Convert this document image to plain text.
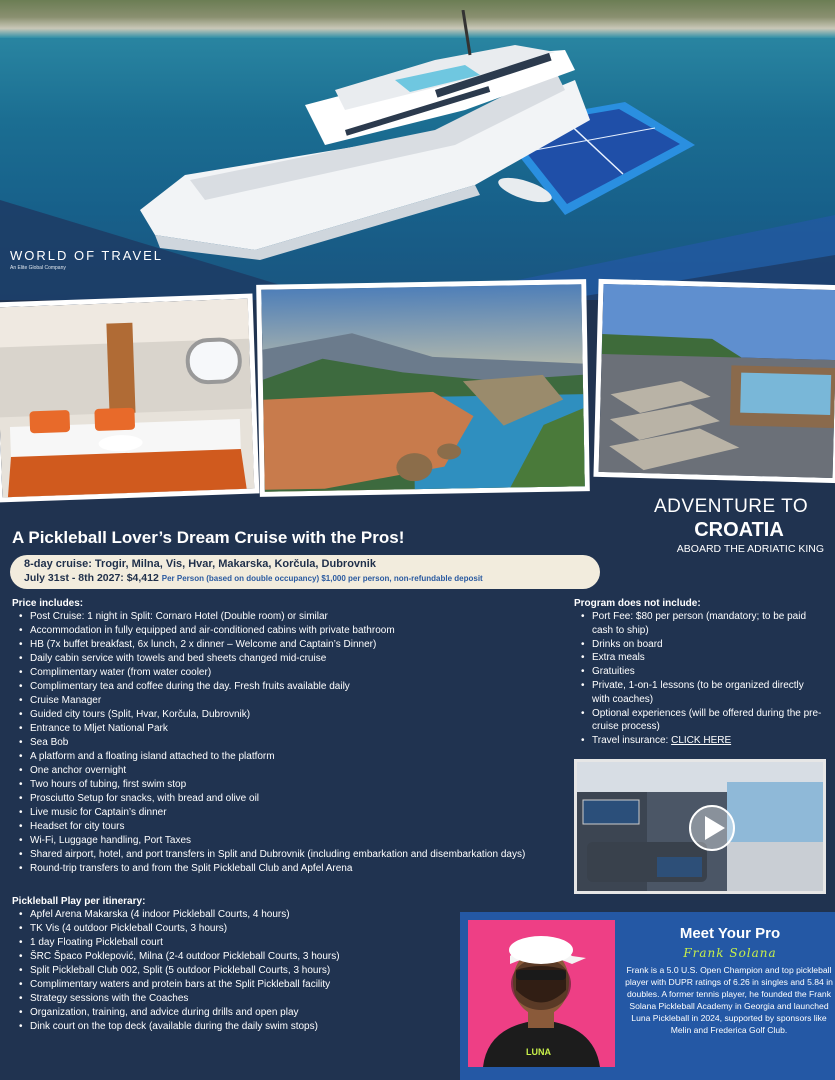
WORLD OF TRAVEL
An Elite Global Company
ADVENTURE TO
CROATIA
ABOARD THE ADRIATIC KING
A Pickleball Lover’s Dream Cruise with the Pros!
8-day cruise: Trogir, Milna, Vis, Hvar, Makarska, Korčula, Dubrovnik
July 31st - 8th 2027: $4,412 Per Person (based on double occupancy) $1,000 per person, non-refundable deposit
Price includes:
• Post Cruise: 1 night in Split: Cornaro Hotel (Double room) or similar
• Accommodation in fully equipped and air-conditioned cabins with private bathroom
• HB (7x buffet breakfast, 6x lunch, 2 x dinner – Welcome and Captain’s Dinner)
• Daily cabin service with towels and bed sheets changed mid-cruise
• Complimentary water (from water cooler)
• Complimentary tea and coffee during the day. Fresh fruits available daily
• Cruise Manager
• Guided city tours (Split, Hvar, Korčula, Dubrovnik)
• Entrance to Mljet National Park
• Sea Bob
• A platform and a floating island attached to the platform
• One anchor overnight
• Two hours of tubing, first swim stop
• Prosciutto Setup for snacks, with bread and olive oil
• Live music for Captain’s dinner
• Headset for city tours
• Wi-Fi, Luggage handling, Port Taxes
• Shared airport, hotel, and port transfers in Split and Dubrovnik (including embarkation and disembarkation days)
• Round-trip transfers to and from the Split Pickleball Club and Apfel Arena
Pickleball Play per itinerary:
• Apfel Arena Makarska (4 indoor Pickleball Courts, 4 hours)
• TK Vis (4 outdoor Pickleball Courts, 3 hours)
• 1 day Floating Pickleball court
• ŠRC Špaco Poklepović, Milna (2-4 outdoor Pickleball Courts, 3 hours)
• Split Pickleball Club 002, Split (5 outdoor Pickleball Courts, 3 hours)
• Complimentary waters and protein bars at the Split Pickleball facility
• Strategy sessions with the Coaches
• Organization, training, and advice during drills and open play
• Dink court on the top deck (available during the daily swim stops)
Program does not include:
• Port Fee: $80 per person (mandatory; to be paid cash to ship)
• Drinks on board
• Extra meals
• Gratuities
• Private, 1-on-1 lessons (to be organized directly with coaches)
• Optional experiences (will be offered during the pre-cruise process)
• Travel insurance: CLICK HERE
LUNA
Meet Your Pro
Frank Solana
Frank is a 5.0 U.S. Open Champion and top pickleball player with DUPR ratings of 6.26 in singles and 5.84 in doubles. A former tennis player, he founded the Frank Solana Pickleball Academy in Georgia and launched Luna Pickleball in 2024, supported by sponsors like Melin and Frederica Golf Club.
